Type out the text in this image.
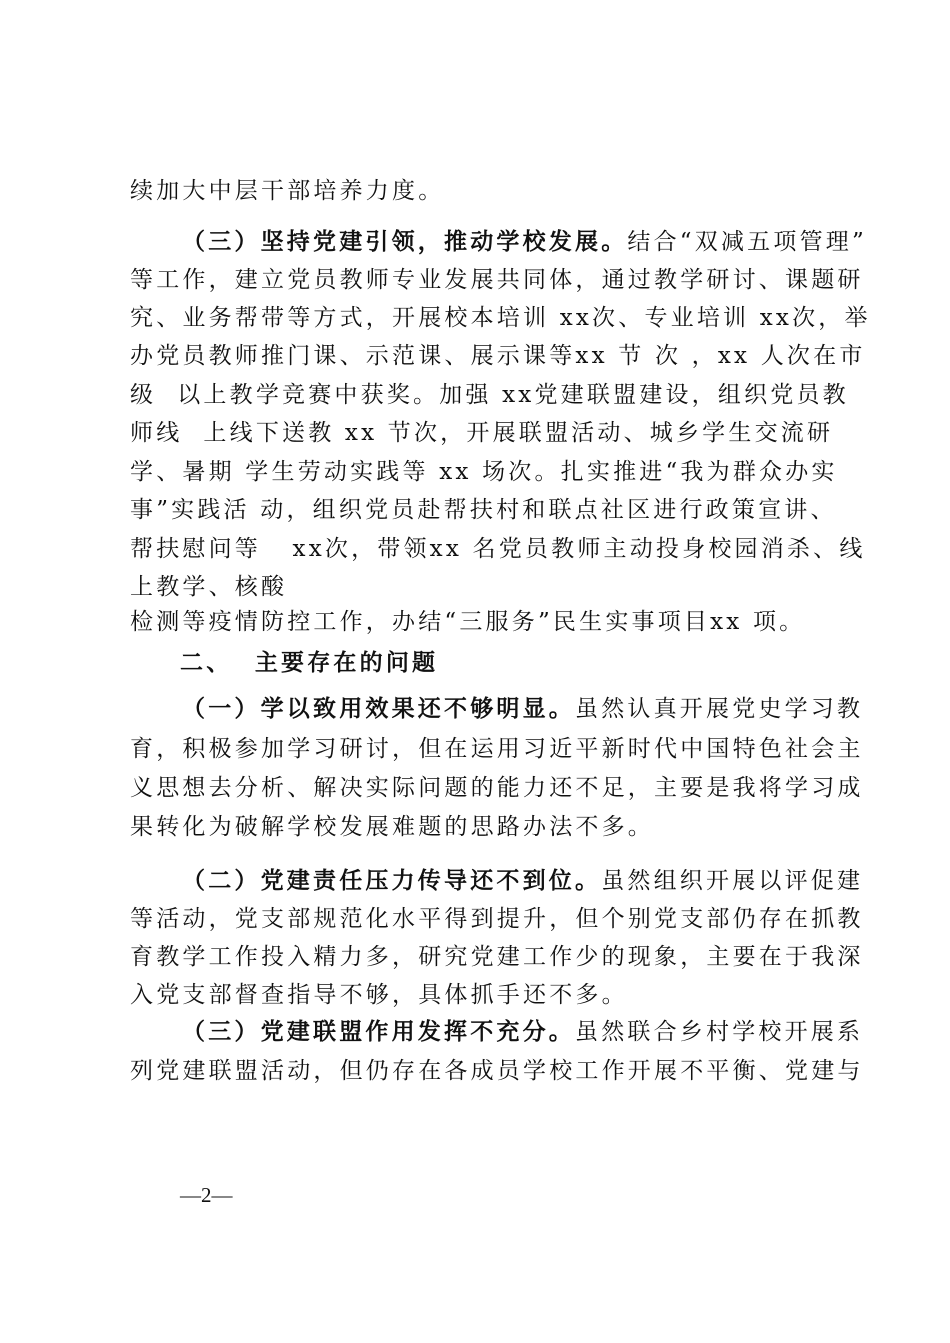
续加大中层干部培养力度。
（三）坚持党建引领，推动学校发展。结合“双减五项管理”
等工作，建立党员教师专业发展共同体，通过教学研讨、课题研
究、业务帮带等方式，开展校本培训 xx次、专业培训 xx次，举
办党员教师推门课、示范课、展示课等xx 节 次 ，xx 人次在市
级  以上教学竞赛中获奖。加强 xx党建联盟建设，组织党员教
师线  上线下送教 xx 节次，开展联盟活动、城乡学生交流研
学、暑期 学生劳动实践等 xx 场次。扎实推进“我为群众办实
事”实践活 动，组织党员赴帮扶村和联点社区进行政策宣讲、
帮扶慰问等   xx次，带领xx 名党员教师主动投身校园消杀、线
上教学、核酸
检测等疫情防控工作，办结“三服务”民生实事项目xx 项。
二、  主要存在的问题
（一）学以致用效果还不够明显。虽然认真开展党史学习教
育，积极参加学习研讨，但在运用习近平新时代中国特色社会主
义思想去分析、解决实际问题的能力还不足，主要是我将学习成
果转化为破解学校发展难题的思路办法不多。
（二）党建责任压力传导还不到位。虽然组织开展以评促建
等活动，党支部规范化水平得到提升，但个别党支部仍存在抓教
育教学工作投入精力多，研究党建工作少的现象，主要在于我深
入党支部督查指导不够，具体抓手还不多。
（三）党建联盟作用发挥不充分。虽然联合乡村学校开展系
列党建联盟活动，但仍存在各成员学校工作开展不平衡、党建与
—2—
